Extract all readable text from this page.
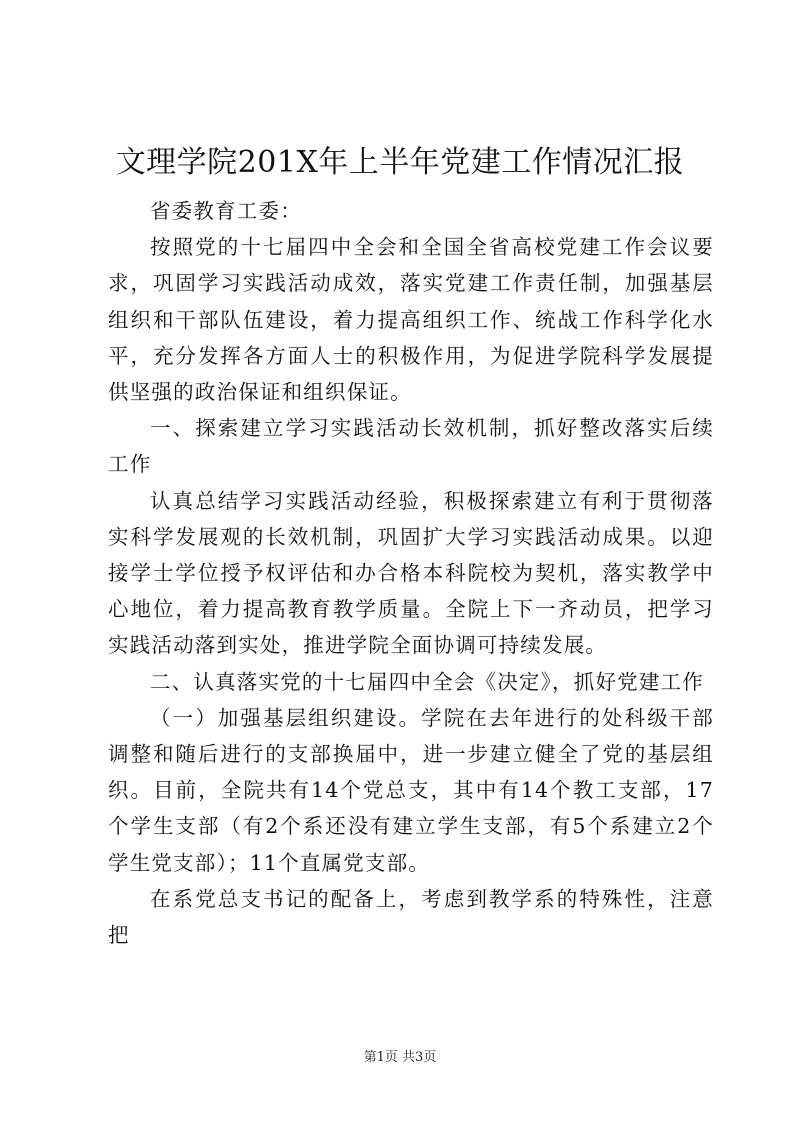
文理学院201X年上半年党建工作情况汇报

省委教育工委：

按照党的十七届四中全会和全国全省高校党建工作会议要求，巩固学习实践活动成效，落实党建工作责任制，加强基层组织和干部队伍建设，着力提高组织工作、统战工作科学化水平，充分发挥各方面人士的积极作用，为促进学院科学发展提供坚强的政治保证和组织保证。

一、探索建立学习实践活动长效机制，抓好整改落实后续工作

认真总结学习实践活动经验，积极探索建立有利于贯彻落实科学发展观的长效机制，巩固扩大学习实践活动成果。以迎接学士学位授予权评估和办合格本科院校为契机，落实教学中心地位，着力提高教育教学质量。全院上下一齐动员，把学习实践活动落到实处，推进学院全面协调可持续发展。

二、认真落实党的十七届四中全会《决定》，抓好党建工作

（一）加强基层组织建设。学院在去年进行的处科级干部调整和随后进行的支部换届中，进一步建立健全了党的基层组织。目前，全院共有14个党总支，其中有14个教工支部，17个学生支部（有2个系还没有建立学生支部，有5个系建立2个学生党支部）；11个直属党支部。

在系党总支书记的配备上，考虑到教学系的特殊性，注意把

第1页 共3页
